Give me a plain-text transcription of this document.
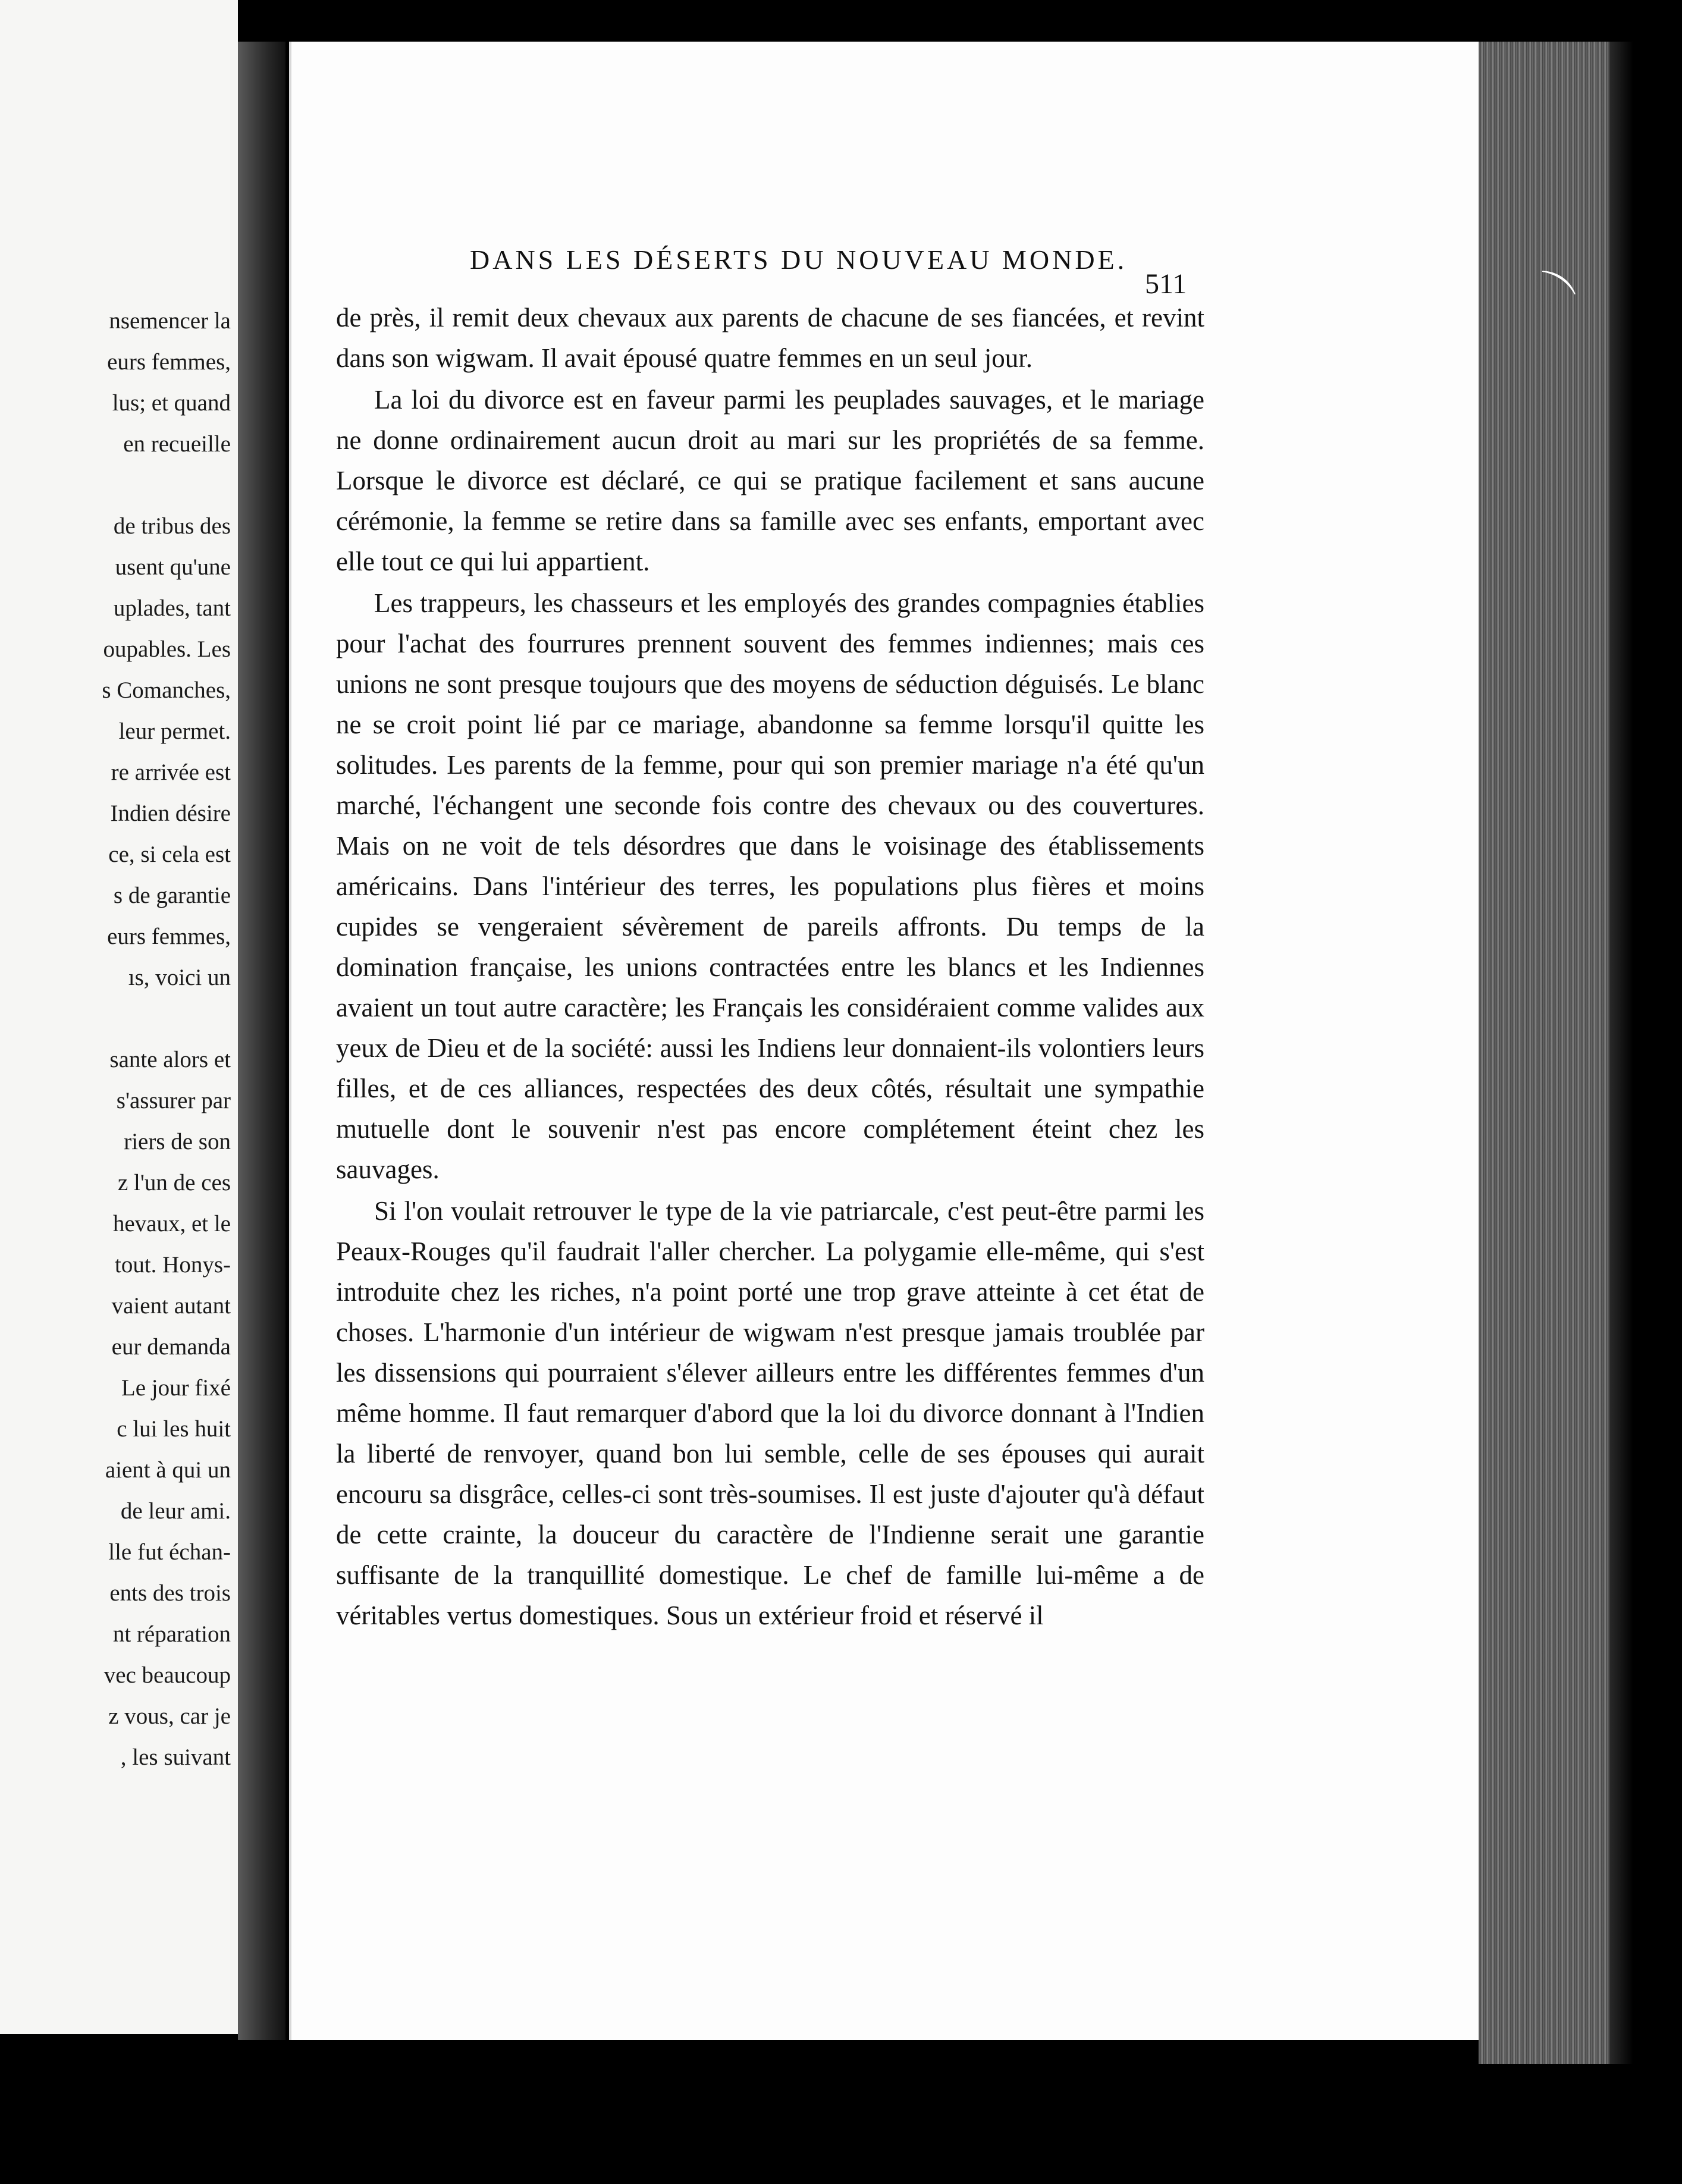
nsemencer la
eurs femmes,
lus; et quand
en recueille
de tribus des
usent qu'une
uplades, tant
oupables. Les
s Comanches,
leur permet.
re arrivée est
Indien désire
ce, si cela est
s de garantie
eurs femmes,
ıs, voici un
sante alors et
s'assurer par
riers de son
z l'un de ces
hevaux, et le
tout. Honys-
vaient autant
eur demanda
Le jour fixé
c lui les huit
aient à qui un
de leur ami.
lle fut échan-
ents des trois
nt réparation
vec beaucoup
z vous, car je
, les suivant
DANS LES DÉSERTS DU NOUVEAU MONDE.
511

de près, il remit deux chevaux aux parents de chacune de ses fiancées, et revint dans son wigwam. Il avait épousé quatre femmes en un seul jour.

La loi du divorce est en faveur parmi les peuplades sauvages, et le mariage ne donne ordinairement aucun droit au mari sur les propriétés de sa femme. Lorsque le divorce est déclaré, ce qui se pratique facilement et sans aucune cérémonie, la femme se retire dans sa famille avec ses enfants, emportant avec elle tout ce qui lui appartient.

Les trappeurs, les chasseurs et les employés des grandes compagnies établies pour l'achat des fourrures prennent souvent des femmes indiennes; mais ces unions ne sont presque toujours que des moyens de séduction déguisés. Le blanc ne se croit point lié par ce mariage, abandonne sa femme lorsqu'il quitte les solitudes. Les parents de la femme, pour qui son premier mariage n'a été qu'un marché, l'échangent une seconde fois contre des chevaux ou des couvertures. Mais on ne voit de tels désordres que dans le voisinage des établissements américains. Dans l'intérieur des terres, les populations plus fières et moins cupides se vengeraient sévèrement de pareils affronts. Du temps de la domination française, les unions contractées entre les blancs et les Indiennes avaient un tout autre caractère; les Français les considéraient comme valides aux yeux de Dieu et de la société: aussi les Indiens leur donnaient-ils volontiers leurs filles, et de ces alliances, respectées des deux côtés, résultait une sympathie mutuelle dont le souvenir n'est pas encore complétement éteint chez les sauvages.

Si l'on voulait retrouver le type de la vie patriarcale, c'est peut-être parmi les Peaux-Rouges qu'il faudrait l'aller chercher. La polygamie elle-même, qui s'est introduite chez les riches, n'a point porté une trop grave atteinte à cet état de choses. L'harmonie d'un intérieur de wigwam n'est presque jamais troublée par les dissensions qui pourraient s'élever ailleurs entre les différentes femmes d'un même homme. Il faut remarquer d'abord que la loi du divorce donnant à l'Indien la liberté de renvoyer, quand bon lui semble, celle de ses épouses qui aurait encouru sa disgrâce, celles-ci sont très-soumises. Il est juste d'ajouter qu'à défaut de cette crainte, la douceur du caractère de l'Indienne serait une garantie suffisante de la tranquillité domestique. Le chef de famille lui-même a de véritables vertus domestiques. Sous un extérieur froid et réservé il

⌒
